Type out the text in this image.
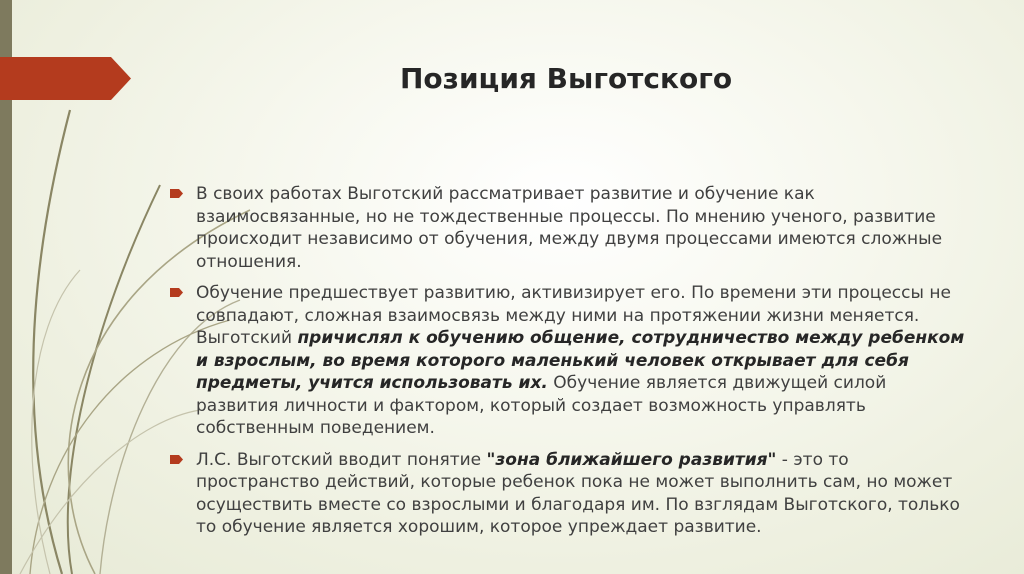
Позиция Выготского
В своих работах Выготский рассматривает развитие и обучение как взаимосвязанные, но не тождественные процессы. По мнению ученого, развитие происходит независимо от обучения, между двумя процессами имеются сложные отношения.
Обучение предшествует развитию, активизирует его. По времени эти процессы не совпадают, сложная взаимосвязь между ними на протяжении жизни меняется. Выготский причислял к обучению общение, сотрудничество между ребенком и взрослым, во время которого маленький человек открывает для себя предметы, учится использовать их. Обучение является движущей силой развития личности и фактором, который создает возможность управлять собственным поведением.
Л.С. Выготский вводит понятие "зона ближайшего развития" - это то пространство действий, которые ребенок пока не может выполнить сам, но может осуществить вместе со взрослыми и благодаря им. По взглядам Выготского, только то обучение является хорошим, которое упреждает развитие.
